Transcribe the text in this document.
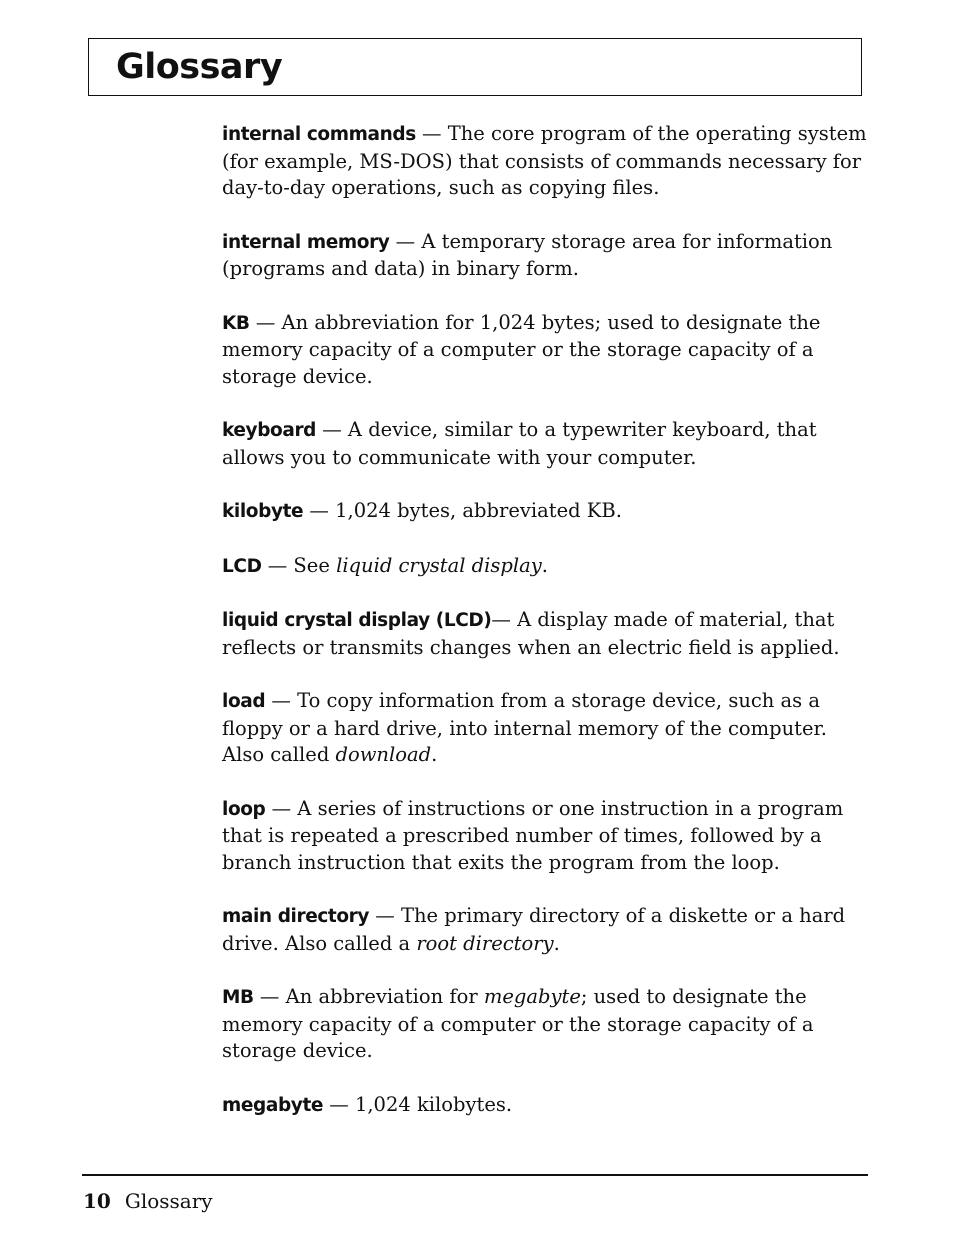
Glossary

internal commands — The core program of the operating system (for example, MS-DOS) that consists of commands necessary for day-to-day operations, such as copying files.

internal memory — A temporary storage area for information (programs and data) in binary form.

KB — An abbreviation for 1,024 bytes; used to designate the memory capacity of a computer or the storage capacity of a storage device.

keyboard — A device, similar to a typewriter keyboard, that allows you to communicate with your computer.

kilobyte — 1,024 bytes, abbreviated KB.

LCD — See liquid crystal display.

liquid crystal display (LCD)— A display made of material, that reflects or transmits changes when an electric field is applied.

load — To copy information from a storage device, such as a floppy or a hard drive, into internal memory of the computer. Also called download.

loop — A series of instructions or one instruction in a program that is repeated a prescribed number of times, followed by a branch instruction that exits the program from the loop.

main directory — The primary directory of a diskette or a hard drive. Also called a root directory.

MB — An abbreviation for megabyte; used to designate the memory capacity of a computer or the storage capacity of a storage device.

megabyte — 1,024 kilobytes.

10 Glossary
